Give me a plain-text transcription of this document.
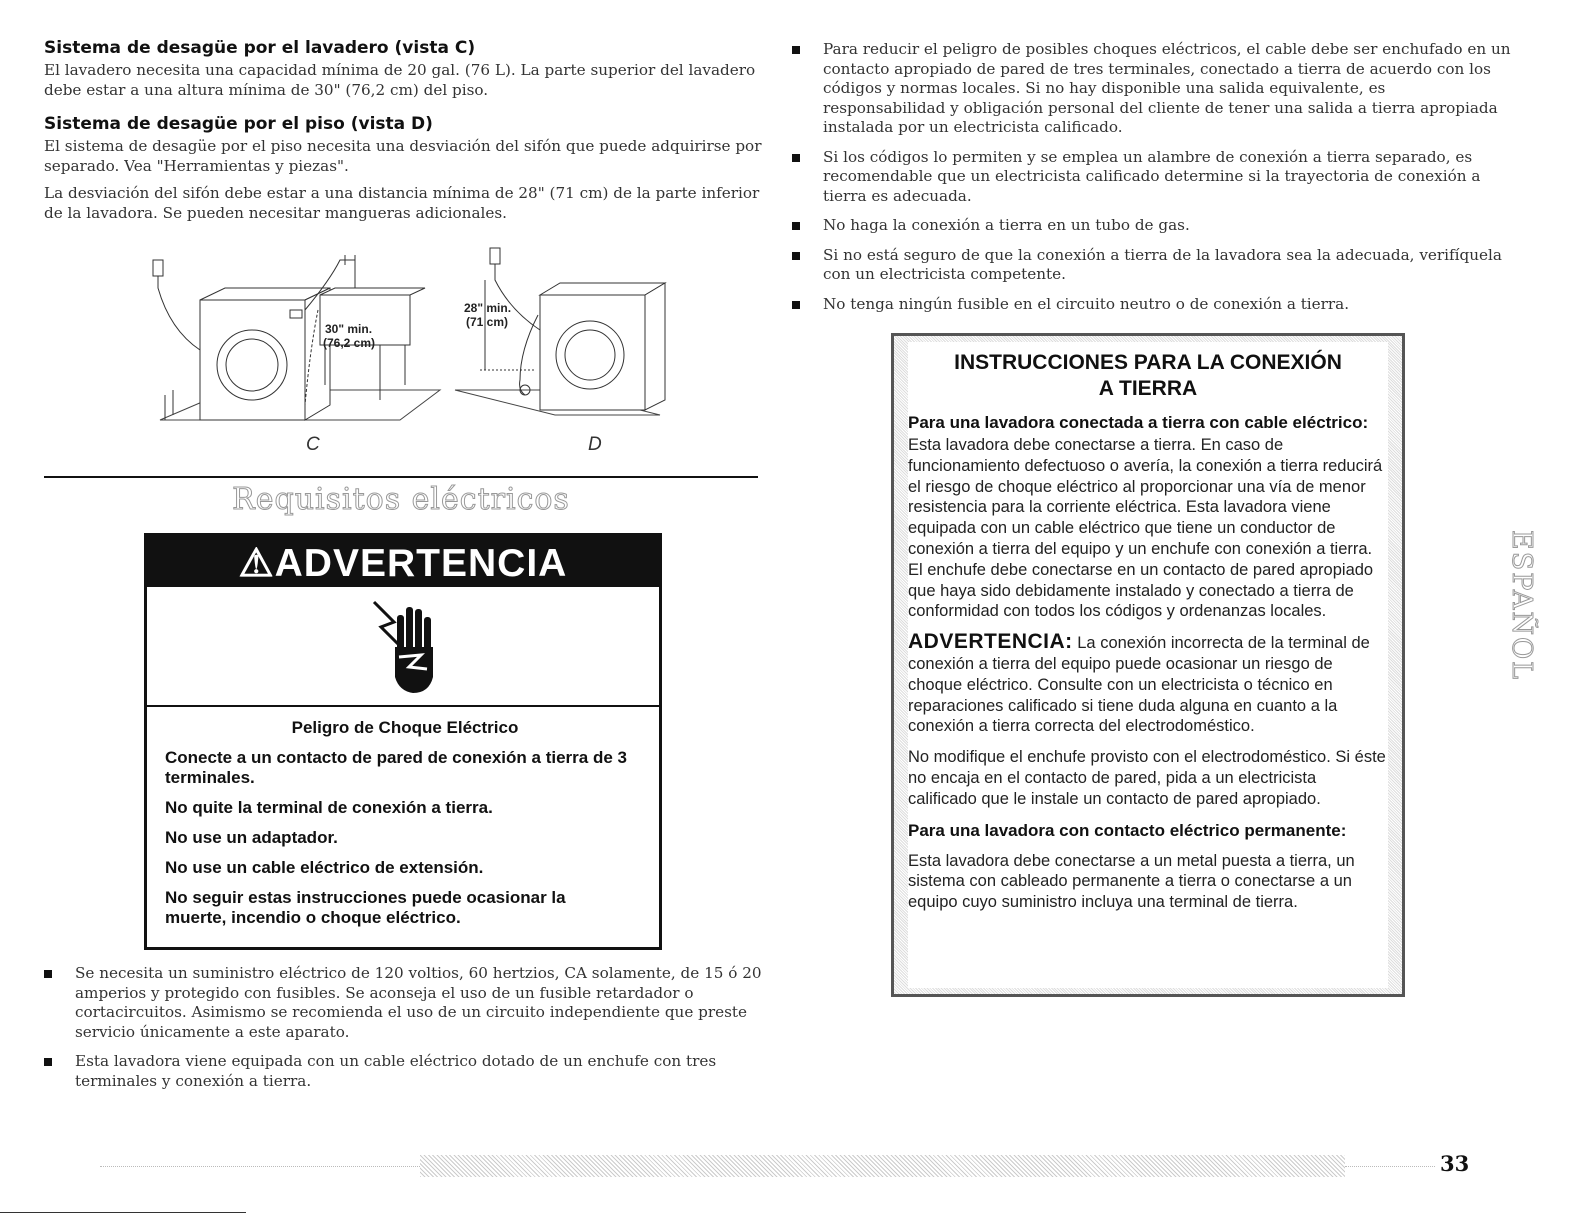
Sistema de desagüe por el lavadero (vista C)

El lavadero necesita una capacidad mínima de 20 gal. (76 L). La parte superior del lavadero debe estar a una altura mínima de 30" (76,2 cm) del piso.

Sistema de desagüe por el piso (vista D)

El sistema de desagüe por el piso necesita una desviación del sifón que puede adquirirse por separado. Vea "Herramientas y piezas".

La desviación del sifón debe estar a una distancia mínima de 28" (71 cm) de la parte inferior de la lavadora. Se pueden necesitar mangueras adicionales.

30" min.
(76,2 cm)
28" min.
(71 cm)
C	D
Requisitos eléctricos
⚠ADVERTENCIA
Peligro de Choque Eléctrico
Conecte a un contacto de pared de conexión a tierra de 3 terminales.
No quite la terminal de conexión a tierra.
No use un adaptador.
No use un cable eléctrico de extensión.
No seguir estas instrucciones puede ocasionar la muerte, incendio o choque eléctrico.
Se necesita un suministro eléctrico de 120 voltios, 60 hertzios, CA solamente, de 15 ó 20 amperios y protegido con fusibles. Se aconseja el uso de un fusible retardador o cortacircuitos. Asimismo se recomienda el uso de un circuito independiente que preste servicio únicamente a este aparato.
Esta lavadora viene equipada con un cable eléctrico dotado de un enchufe con tres terminales y conexión a tierra.
Para reducir el peligro de posibles choques eléctricos, el cable debe ser enchufado en un contacto apropiado de pared de tres terminales, conectado a tierra de acuerdo con los códigos y normas locales. Si no hay disponible una salida equivalente, es responsabilidad y obligación personal del cliente de tener una salida a tierra apropiada instalada por un electricista calificado.
Si los códigos lo permiten y se emplea un alambre de conexión a tierra separado, es recomendable que un electricista calificado determine si la trayectoria de conexión a tierra es adecuada.
No haga la conexión a tierra en un tubo de gas.
Si no está seguro de que la conexión a tierra de la lavadora sea la adecuada, verifíquela con un electricista competente.
No tenga ningún fusible en el circuito neutro o de conexión a tierra.
INSTRUCCIONES PARA LA CONEXIÓN
A TIERRA

Para una lavadora conectada a tierra con cable eléctrico:

Esta lavadora debe conectarse a tierra. En caso de funcionamiento defectuoso o avería, la conexión a tierra reducirá el riesgo de choque eléctrico al proporcionar una vía de menor resistencia para la corriente eléctrica. Esta lavadora viene equipada con un cable eléctrico que tiene un conductor de conexión a tierra del equipo y un enchufe con conexión a tierra. El enchufe debe conectarse en un contacto de pared apropiado que haya sido debidamente instalado y conectado a tierra de conformidad con todos los códigos y ordenanzas locales.

ADVERTENCIA: La conexión incorrecta de la terminal de conexión a tierra del equipo puede ocasionar un riesgo de choque eléctrico. Consulte con un electricista o técnico en reparaciones calificado si tiene duda alguna en cuanto a la conexión a tierra correcta del electrodoméstico.

No modifique el enchufe provisto con el electrodoméstico. Si éste no encaja en el contacto de pared, pida a un electricista calificado que le instale un contacto de pared apropiado.

Para una lavadora con contacto eléctrico permanente:

Esta lavadora debe conectarse a un metal puesta a tierra, un sistema con cableado permanente a tierra o conectarse a un equipo cuyo suministro incluya una terminal de tierra.

ESPAÑOL
33
